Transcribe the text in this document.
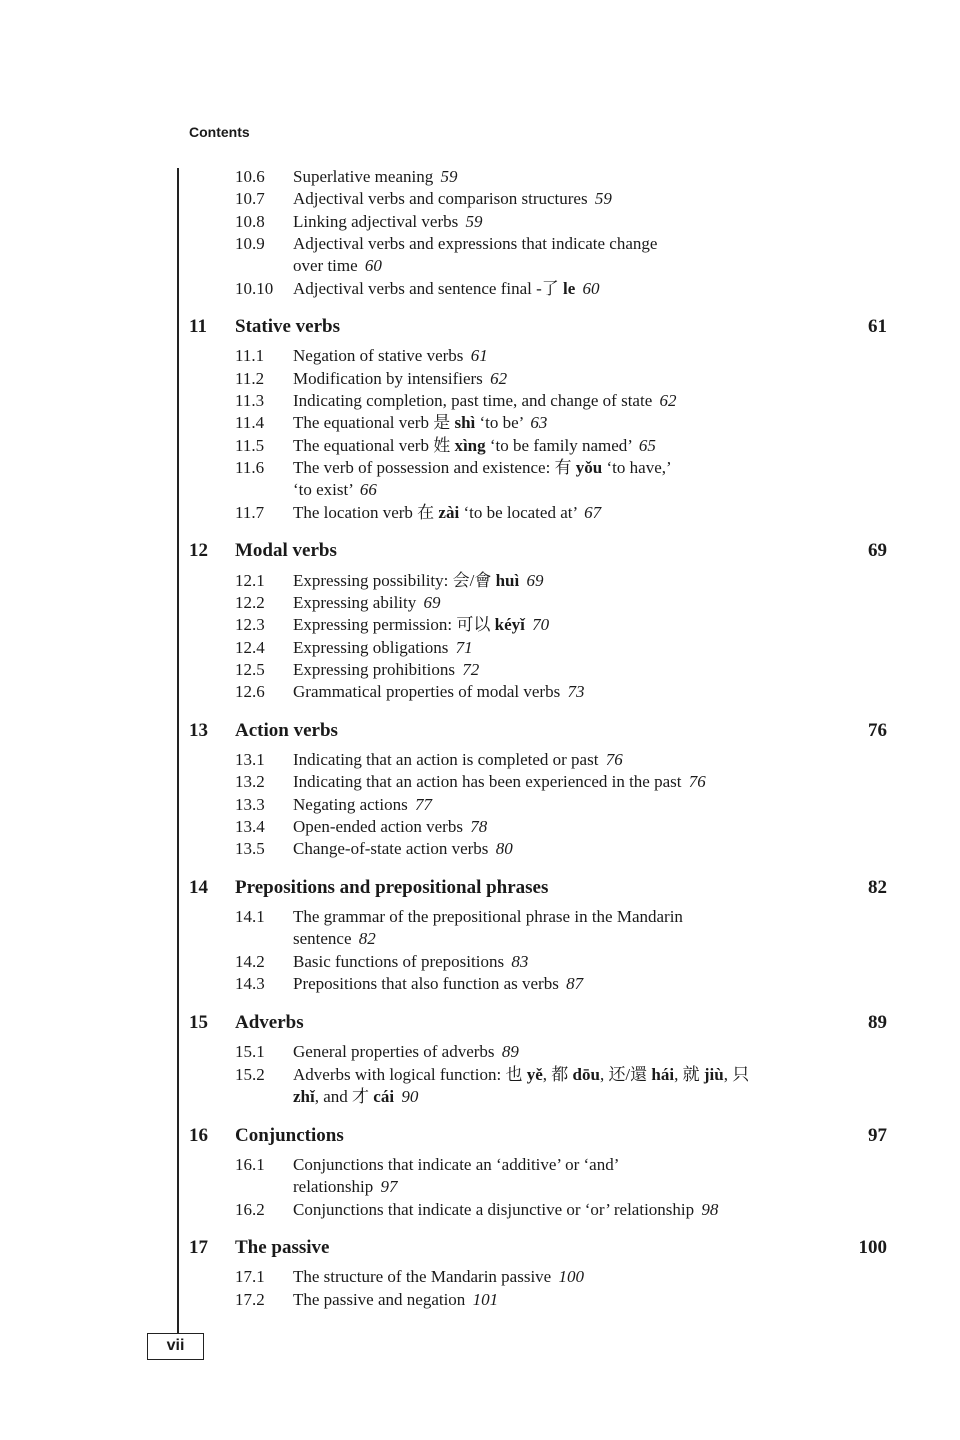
Contents
10.6 Superlative meaning 59
10.7 Adjectival verbs and comparison structures 59
10.8 Linking adjectival verbs 59
10.9 Adjectival verbs and expressions that indicate change
over time 60
10.10 Adjectival verbs and sentence final -了 le 60
11 Stative verbs	61
11.1 Negation of stative verbs 61
11.2 Modification by intensifiers 62
11.3 Indicating completion, past time, and change of state 62
11.4 The equational verb 是 shì ‘to be’ 63
11.5 The equational verb 姓 xìng ‘to be family named’ 65
11.6 The verb of possession and existence: 有 yǒu ‘to have,’
‘to exist’ 66
11.7 The location verb 在 zài ‘to be located at’ 67
12 Modal verbs	69
12.1 Expressing possibility: 会/會 huì 69
12.2 Expressing ability 69
12.3 Expressing permission: 可以 kéyǐ 70
12.4 Expressing obligations 71
12.5 Expressing prohibitions 72
12.6 Grammatical properties of modal verbs 73
13 Action verbs	76
13.1 Indicating that an action is completed or past 76
13.2 Indicating that an action has been experienced in the past 76
13.3 Negating actions 77
13.4 Open-ended action verbs 78
13.5 Change-of-state action verbs 80
14 Prepositions and prepositional phrases	82
14.1 The grammar of the prepositional phrase in the Mandarin
sentence 82
14.2 Basic functions of prepositions 83
14.3 Prepositions that also function as verbs 87
15 Adverbs	89
15.1 General properties of adverbs 89
15.2 Adverbs with logical function: 也 yě, 都 dōu, 还/還 hái, 就 jiù, 只
zhǐ, and 才 cái 90
16 Conjunctions	97
16.1 Conjunctions that indicate an ‘additive’ or ‘and’
relationship 97
16.2 Conjunctions that indicate a disjunctive or ‘or’ relationship 98
17 The passive	100
17.1 The structure of the Mandarin passive 100
17.2 The passive and negation 101
vii
